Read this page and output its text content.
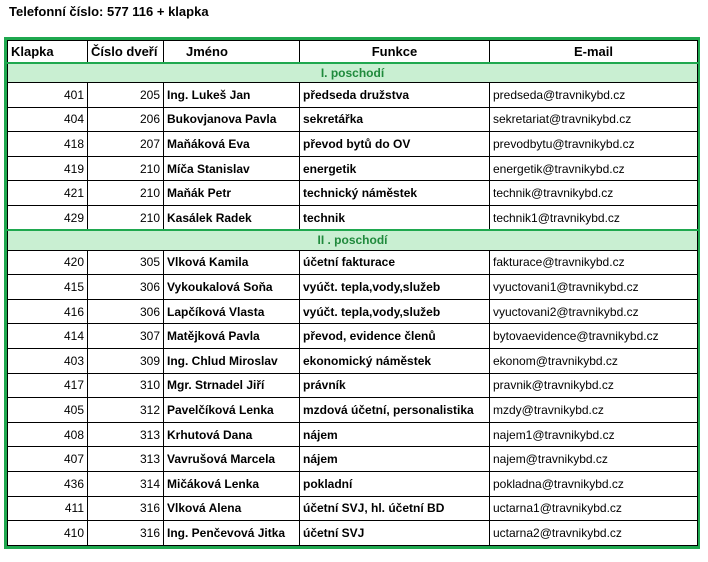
Telefonní číslo: 577 116 + klapka
Klapka	Číslo dveří	Jméno	Funkce	E-mail
I. poschodí				
401	205	Ing. Lukeš Jan	předseda družstva	predseda@travnikybd.cz
404	206	Bukovjanova Pavla	sekretářka	sekretariat@travnikybd.cz
418	207	Maňáková Eva	převod bytů do OV	prevodbytu@travnikybd.cz
419	210	Míča Stanislav	energetik	energetik@travnikybd.cz
421	210	Maňák Petr	technický náměstek	technik@travnikybd.cz
429	210	Kasálek Radek	technik	technik1@travnikybd.cz
II . poschodí				
420	305	Vlková Kamila	účetní fakturace	fakturace@travnikybd.cz
415	306	Vykoukalová Soňa	vyúčt. tepla,vody,služeb	vyuctovani1@travnikybd.cz
416	306	Lapčíková Vlasta	vyúčt. tepla,vody,služeb	vyuctovani2@travnikybd.cz
414	307	Matějková Pavla	převod, evidence členů	bytovaevidence@travnikybd.cz
403	309	Ing. Chlud Miroslav	ekonomický náměstek	ekonom@travnikybd.cz
417	310	Mgr. Strnadel Jiří	právník	pravnik@travnikybd.cz
405	312	Pavelčíková Lenka	mzdová účetní, personalistika	mzdy@travnikybd.cz
408	313	Krhutová Dana	nájem	najem1@travnikybd.cz
407	313	Vavrušová Marcela	nájem	najem@travnikybd.cz
436	314	Mičáková Lenka	pokladní	pokladna@travnikybd.cz
411	316	Vlková Alena	účetní SVJ, hl. účetní BD	uctarna1@travnikybd.cz
410	316	Ing. Penčevová Jitka	účetní SVJ	uctarna2@travnikybd.cz
